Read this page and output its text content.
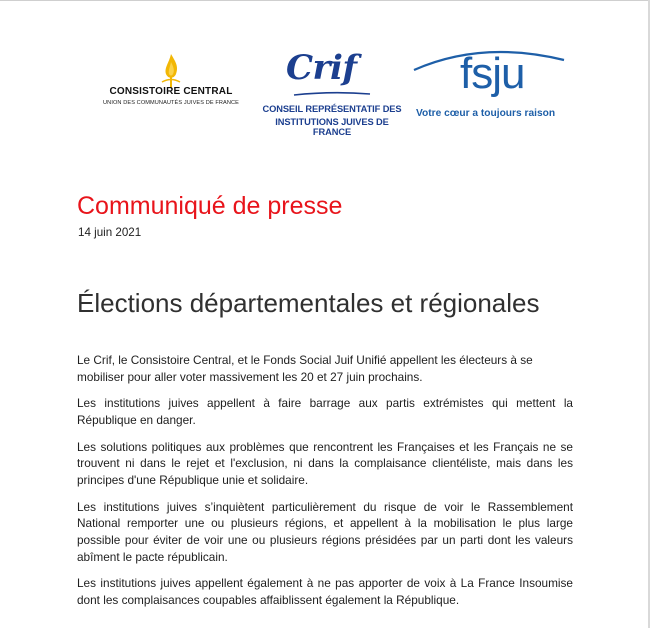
CONSISTOIRE CENTRAL
UNION DES COMMUNAUTÉS JUIVES DE FRANCE
Crif
CONSEIL REPRÉSENTATIF DES
INSTITUTIONS JUIVES DE FRANCE
fsju
Votre cœur a toujours raison
Communiqué de presse
14 juin 2021
Élections départementales et régionales

Le Crif, le Consistoire Central, et le Fonds Social Juif Unifié appellent les électeurs à se mobiliser pour aller voter massivement les 20 et 27 juin prochains.

Les institutions juives appellent à faire barrage aux partis extrémistes qui mettent la République en danger.

Les solutions politiques aux problèmes que rencontrent les Françaises et les Français ne se trouvent ni dans le rejet et l'exclusion, ni dans la complaisance clientéliste, mais dans les principes d'une République unie et solidaire.

Les institutions juives s’inquiètent particulièrement du risque de voir le Rassemblement National remporter une ou plusieurs régions, et appellent à la mobilisation le plus large possible pour éviter de voir une ou plusieurs régions présidées par un parti dont les valeurs abîment le pacte républicain.

Les institutions juives appellent également à ne pas apporter de voix à La France Insoumise dont les complaisances coupables affaiblissent également la République.
